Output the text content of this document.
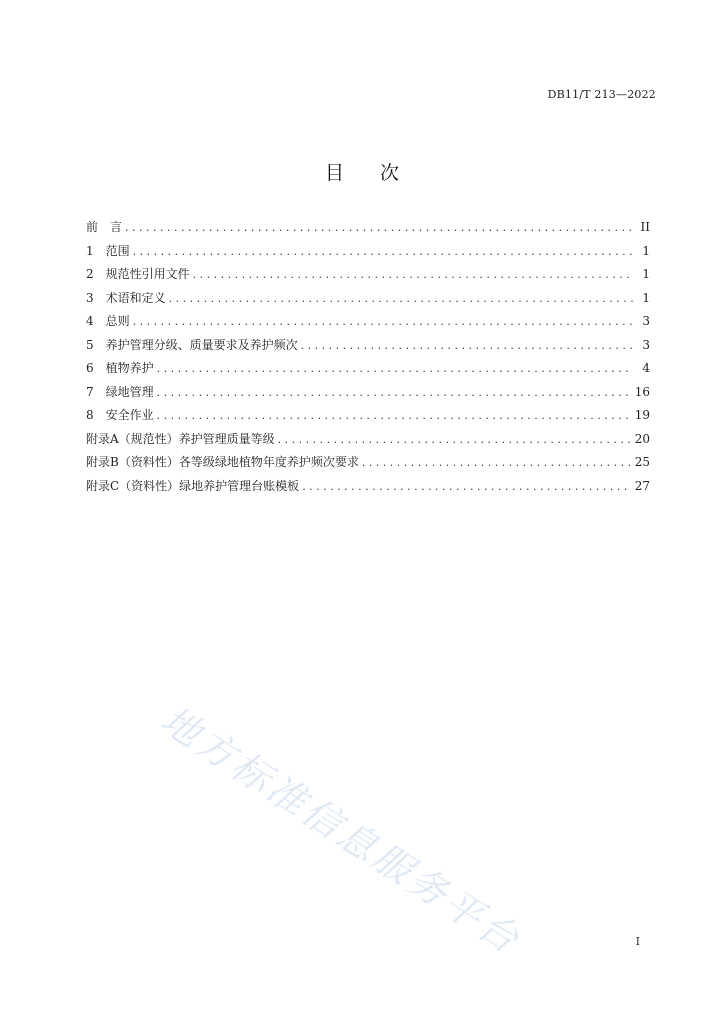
DB11/T 213—2022
目次
前　言 . . .	II
1　范围 . . .	1
2　规范性引用文件 . . .	1
3　术语和定义 . . .	1
4　总则 . . .	3
5　养护管理分级、质量要求及养护频次 . . .	3
6　植物养护 . . .	4
7　绿地管理 . . .	16
8　安全作业 . . .	19
附录A（规范性）养护管理质量等级 . . .	20
附录B（资料性）各等级绿地植物年度养护频次要求 . . .	25
附录C（资料性）绿地养护管理台账模板 . . .	27
地方标准信息服务平台	I
